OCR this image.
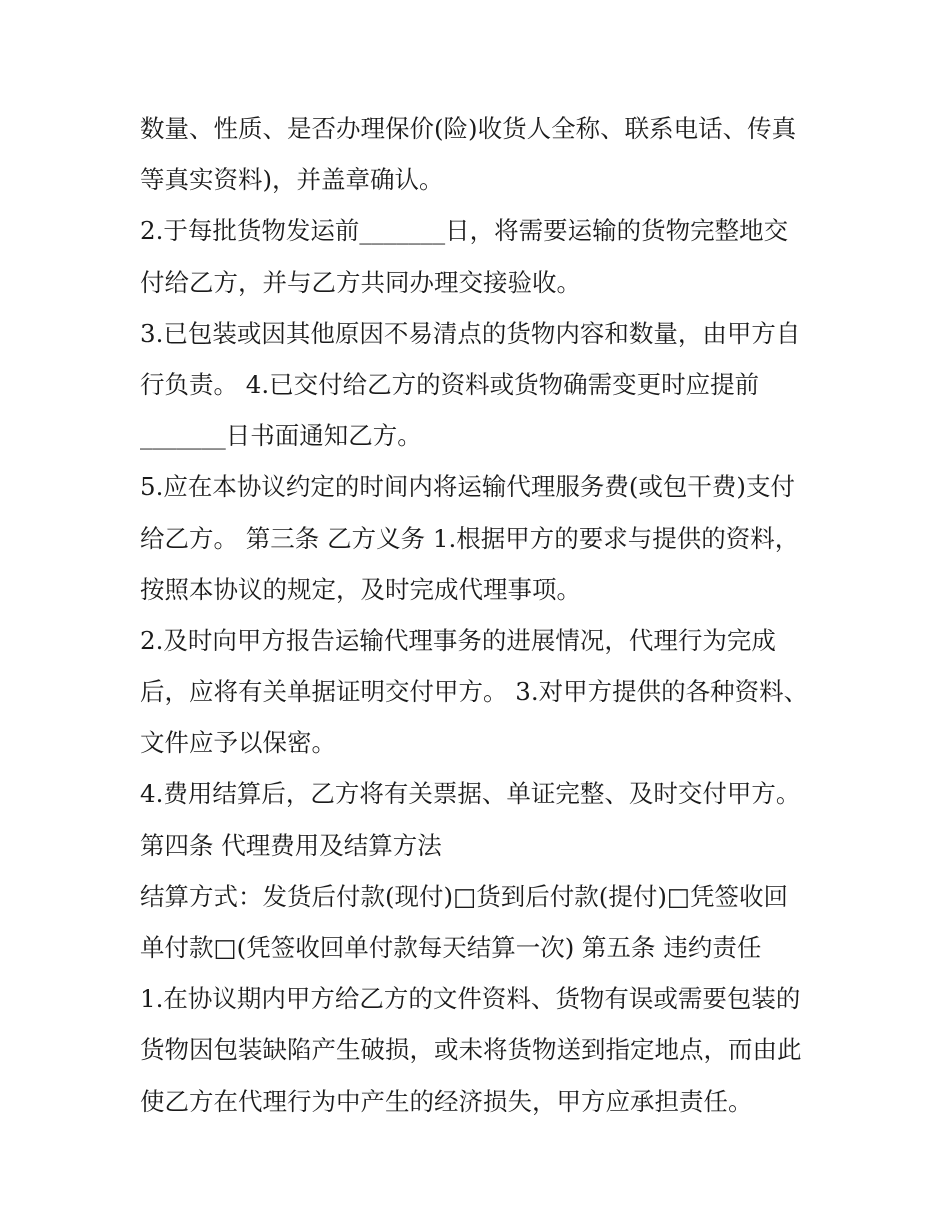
数量、性质、是否办理保价(险)收货人全称、联系电话、传真
等真实资料)，并盖章确认。
2.于每批货物发运前_______日，将需要运输的货物完整地交
付给乙方，并与乙方共同办理交接验收。
3.已包装或因其他原因不易清点的货物内容和数量，由甲方自
行负责。 4.已交付给乙方的资料或货物确需变更时应提前
_______日书面通知乙方。
5.应在本协议约定的时间内将运输代理服务费(或包干费)支付
给乙方。 第三条 乙方义务 1.根据甲方的要求与提供的资料，
按照本协议的规定，及时完成代理事项。
2.及时向甲方报告运输代理事务的进展情况，代理行为完成
后，应将有关单据证明交付甲方。 3.对甲方提供的各种资料、
文件应予以保密。
4.费用结算后，乙方将有关票据、单证完整、及时交付甲方。
第四条 代理费用及结算方法
结算方式：发货后付款(现付)□货到后付款(提付)□凭签收回
单付款□(凭签收回单付款每天结算一次) 第五条 违约责任
1.在协议期内甲方给乙方的文件资料、货物有误或需要包装的
货物因包装缺陷产生破损，或未将货物送到指定地点，而由此
使乙方在代理行为中产生的经济损失，甲方应承担责任。
